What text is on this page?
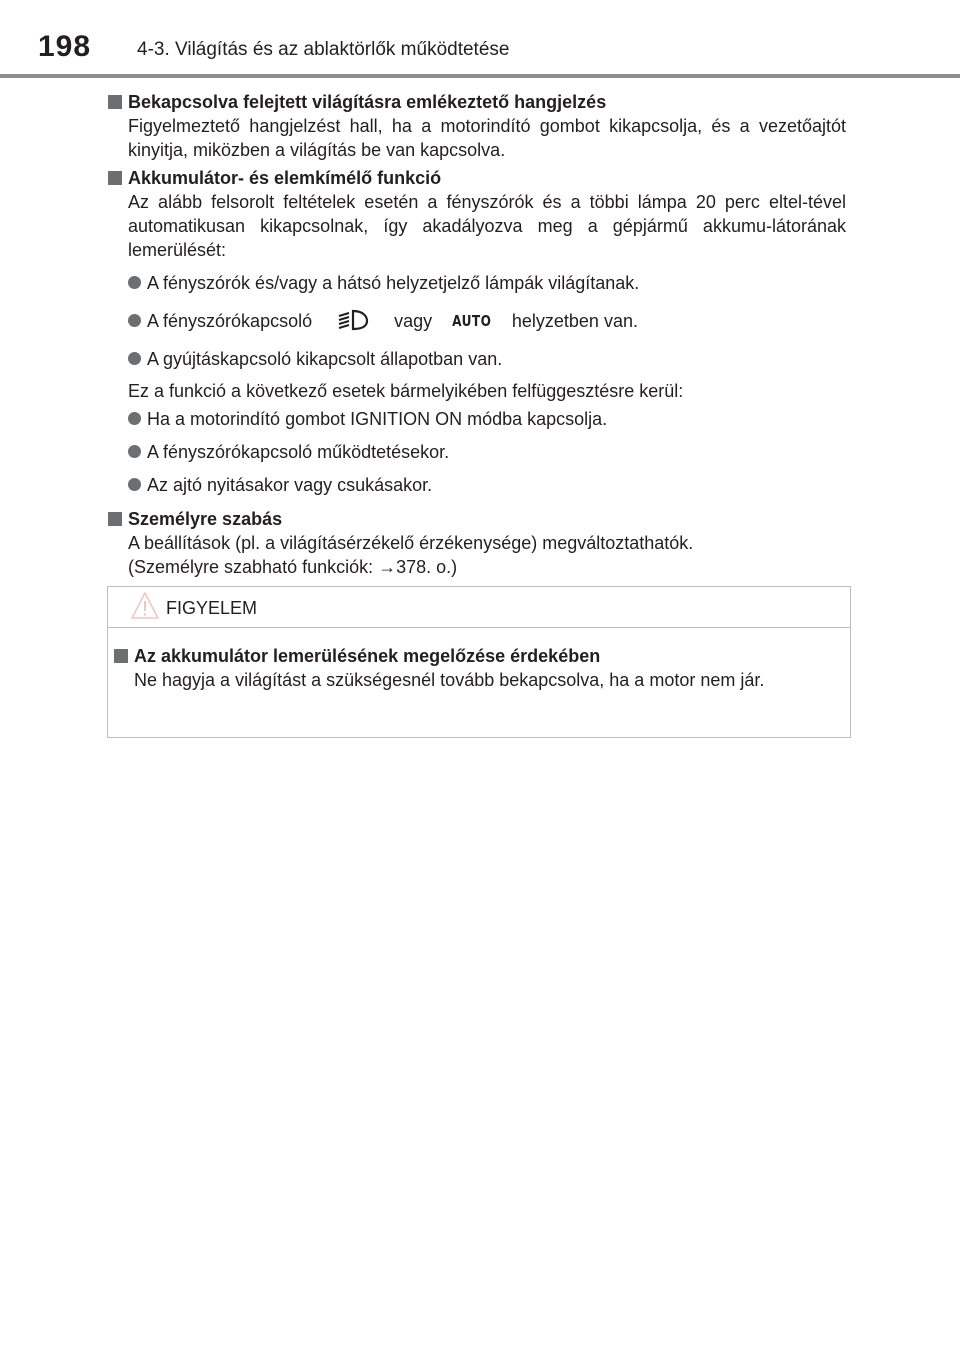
198 4-3. Világítás és az ablaktörlők működtetése
Bekapcsolva felejtett világításra emlékeztető hangjelzés
Figyelmeztető hangjelzést hall, ha a motorindító gombot kikapcsolja, és a vezetőajtót kinyitja, miközben a világítás be van kapcsolva.
Akkumulátor- és elemkímélő funkció
Az alább felsorolt feltételek esetén a fényszórók és a többi lámpa 20 perc eltel-tével automatikusan kikapcsolnak, így akadályozva meg a gépjármű akkumu-látorának lemerülését:
A fényszórók és/vagy a hátsó helyzetjelző lámpák világítanak.
A fényszórókapcsoló	vagy AUTO helyzetben van.
A gyújtáskapcsoló kikapcsolt állapotban van.
Ez a funkció a következő esetek bármelyikében felfüggesztésre kerül:
Ha a motorindító gombot IGNITION ON módba kapcsolja.
A fényszórókapcsoló működtetésekor.
Az ajtó nyitásakor vagy csukásakor.
Személyre szabás
A beállítások (pl. a világításérzékelő érzékenysége) megváltoztathatók.
(Személyre szabható funkciók: →378. o.)
FIGYELEM
Az akkumulátor lemerülésének megelőzése érdekében
Ne hagyja a világítást a szükségesnél tovább bekapcsolva, ha a motor nem jár.
